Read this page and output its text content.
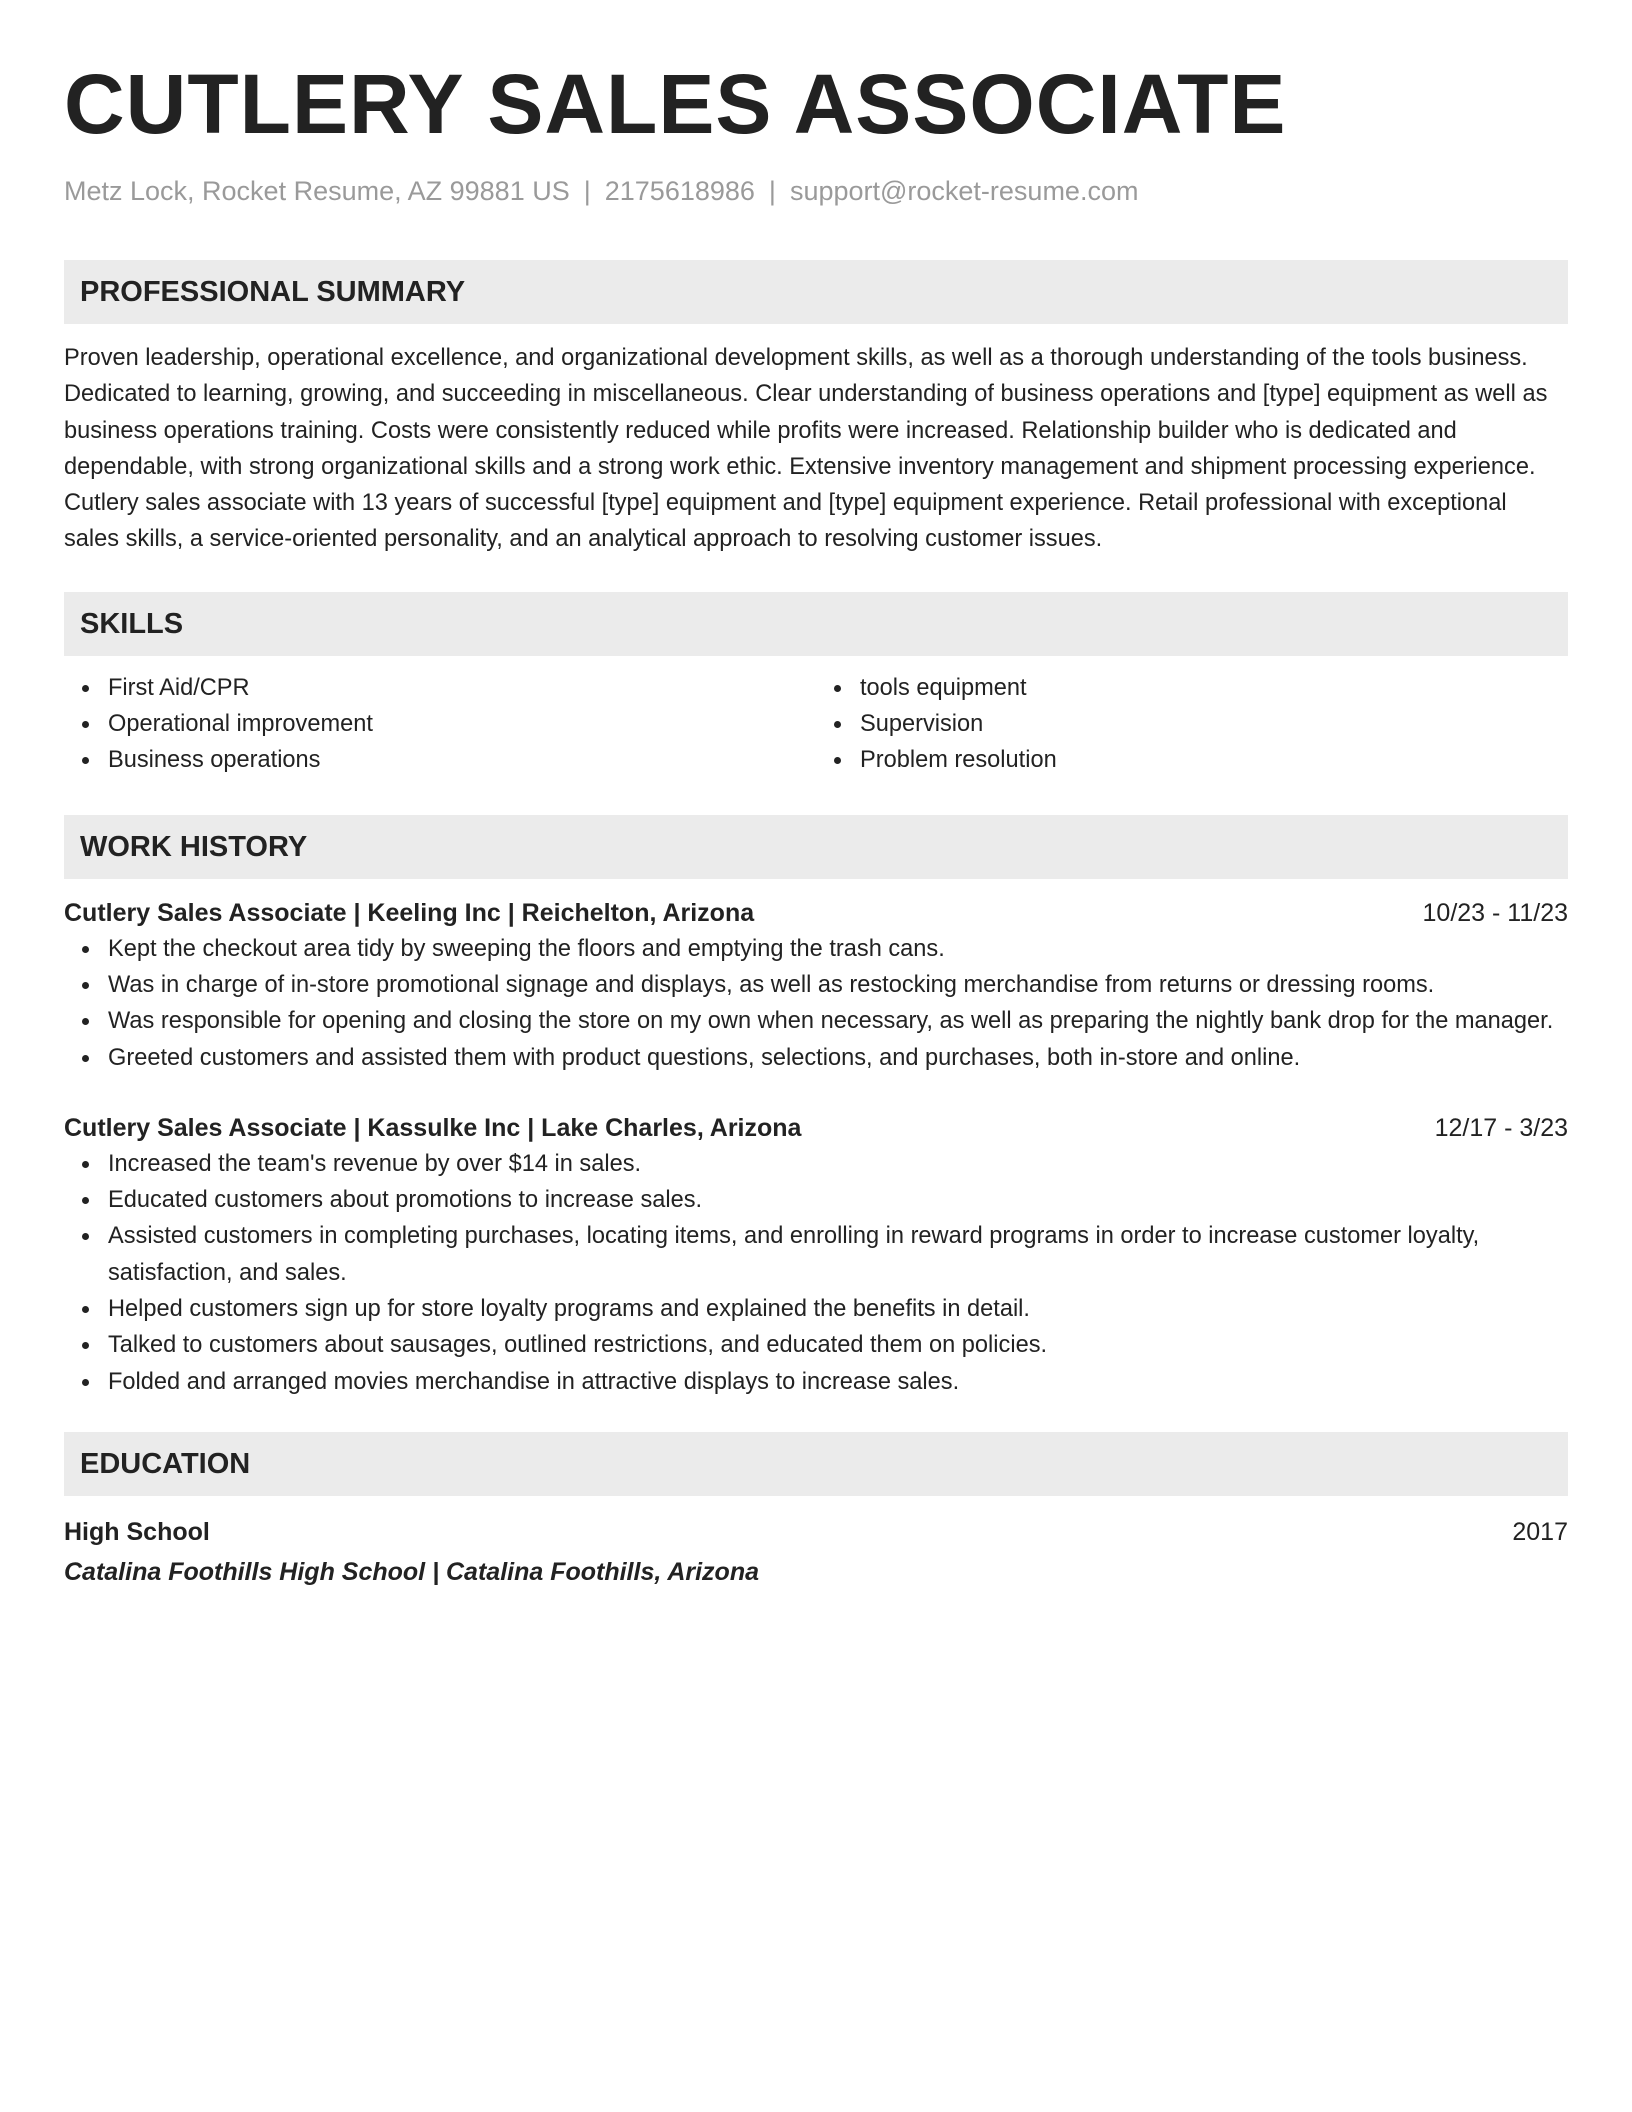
CUTLERY SALES ASSOCIATE
Metz Lock, Rocket Resume, AZ 99881 US | 2175618986 | support@rocket-resume.com
PROFESSIONAL SUMMARY
Proven leadership, operational excellence, and organizational development skills, as well as a thorough understanding of the tools business. Dedicated to learning, growing, and succeeding in miscellaneous. Clear understanding of business operations and [type] equipment as well as business operations training. Costs were consistently reduced while profits were increased. Relationship builder who is dedicated and dependable, with strong organizational skills and a strong work ethic. Extensive inventory management and shipment processing experience. Cutlery sales associate with 13 years of successful [type] equipment and [type] equipment experience. Retail professional with exceptional sales skills, a service-oriented personality, and an analytical approach to resolving customer issues.
SKILLS
First Aid/CPR
Operational improvement
Business operations
tools equipment
Supervision
Problem resolution
WORK HISTORY
Cutlery Sales Associate | Keeling Inc | Reichelton, Arizona	10/23 - 11/23
Kept the checkout area tidy by sweeping the floors and emptying the trash cans.
Was in charge of in-store promotional signage and displays, as well as restocking merchandise from returns or dressing rooms.
Was responsible for opening and closing the store on my own when necessary, as well as preparing the nightly bank drop for the manager.
Greeted customers and assisted them with product questions, selections, and purchases, both in-store and online.
Cutlery Sales Associate | Kassulke Inc | Lake Charles, Arizona	12/17 - 3/23
Increased the team's revenue by over $14 in sales.
Educated customers about promotions to increase sales.
Assisted customers in completing purchases, locating items, and enrolling in reward programs in order to increase customer loyalty, satisfaction, and sales.
Helped customers sign up for store loyalty programs and explained the benefits in detail.
Talked to customers about sausages, outlined restrictions, and educated them on policies.
Folded and arranged movies merchandise in attractive displays to increase sales.
EDUCATION
High School	2017
Catalina Foothills High School | Catalina Foothills, Arizona
